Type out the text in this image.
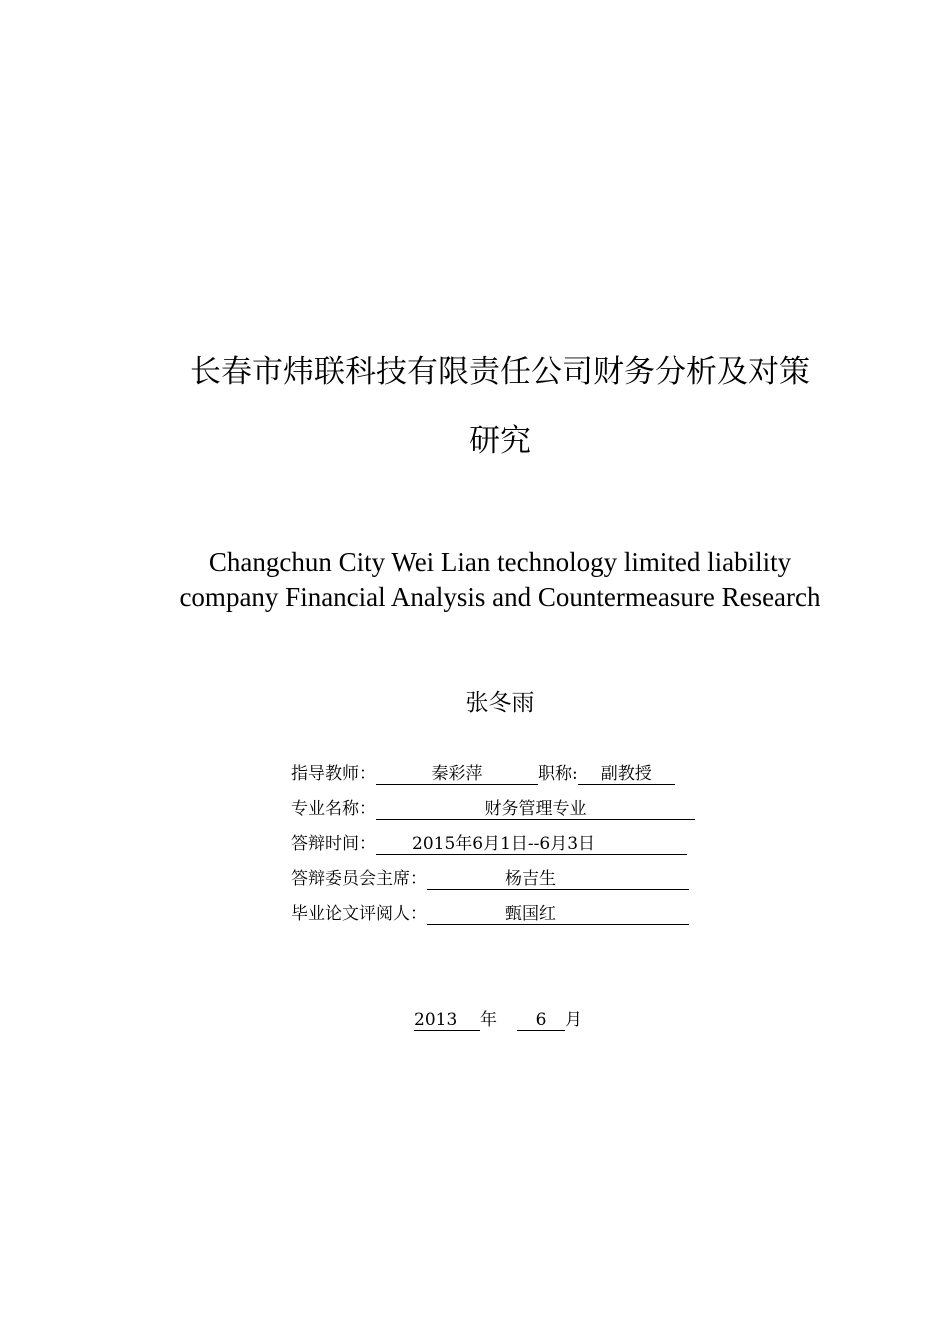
长春市炜联科技有限责任公司财务分析及对策
研究
Changchun City Wei Lian technology limited liability
company Financial Analysis and Countermeasure Research
张冬雨
指导教师：	秦彩萍	职称: 副教授
专业名称：	财务管理专业
答辩时间： 2015年6月1日--6月3日
答辩委员会主席：	杨吉生
毕业论文评阅人：	甄国红
2013 年 6 月
